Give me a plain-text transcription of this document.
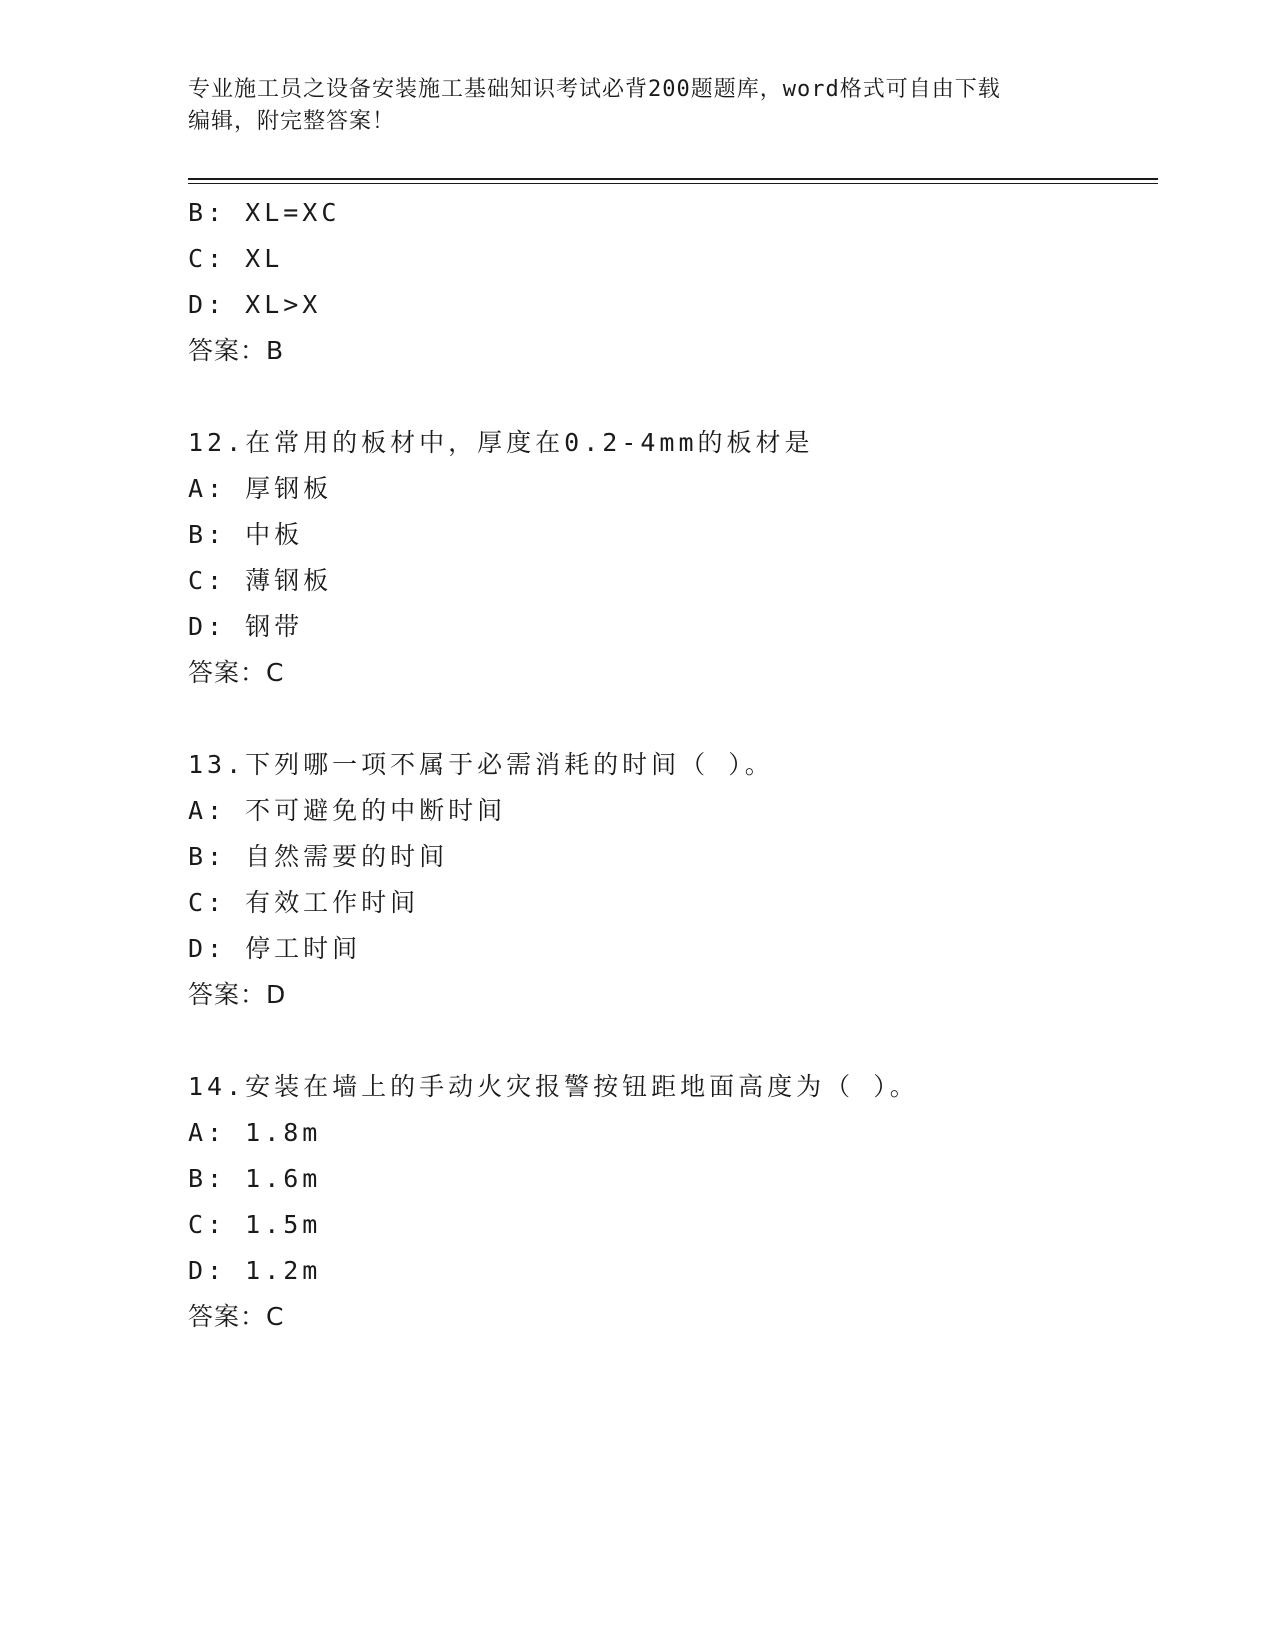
专业施工员之设备安装施工基础知识考试必背200题题库，word格式可自由下载
编辑，附完整答案！
B: XL=XC
C: XL
D: XL>X
答案：B
12.在常用的板材中，厚度在0.2-4mm的板材是
A: 厚钢板
B: 中板
C: 薄钢板
D: 钢带
答案：C
13.下列哪一项不属于必需消耗的时间（ ）。
A: 不可避免的中断时间
B: 自然需要的时间
C: 有效工作时间
D: 停工时间
答案：D
14.安装在墙上的手动火灾报警按钮距地面高度为（ ）。
A: 1.8m
B: 1.6m
C: 1.5m
D: 1.2m
答案：C
